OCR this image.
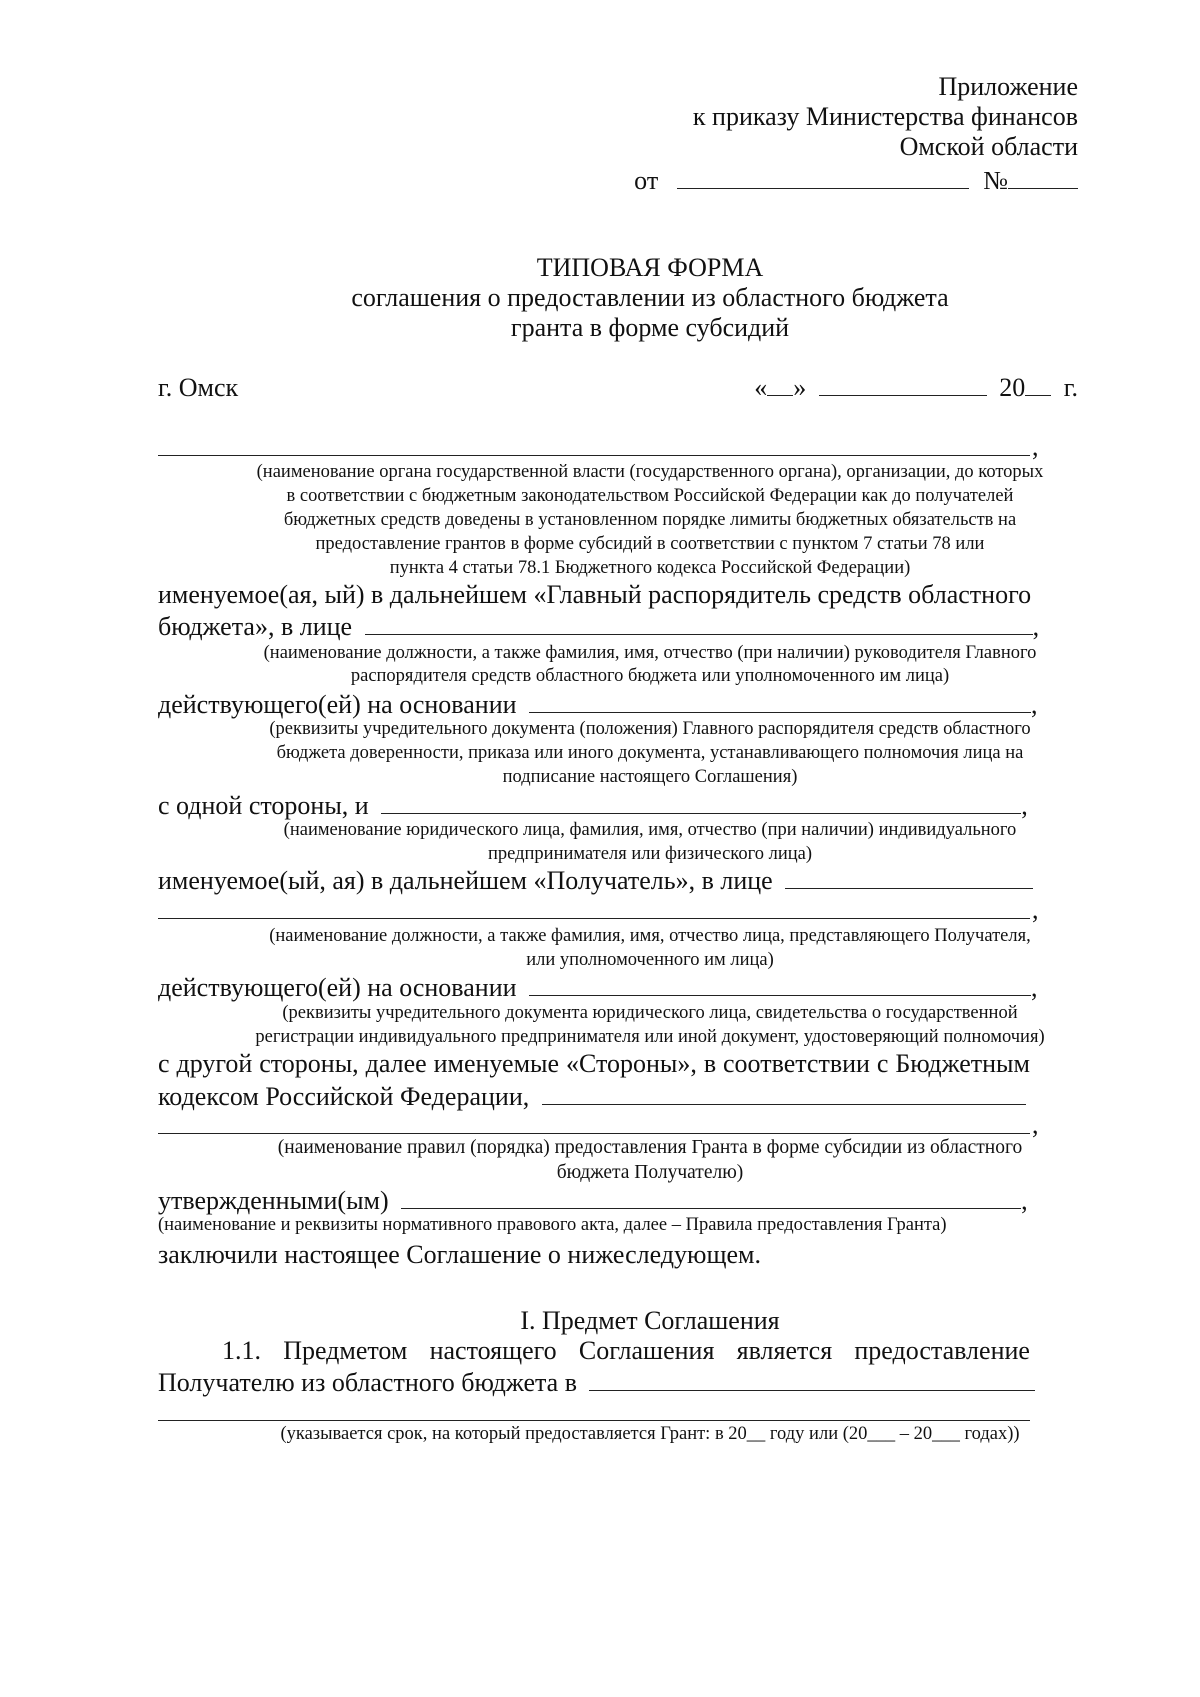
Приложение
к приказу Министерства финансов
Омской области
от	№
ТИПОВАЯ ФОРМА
соглашения о предоставлении из областного бюджета
гранта в форме субсидий
г. Омск	« »	20 г.
,
(наименование органа государственной власти (государственного органа), организации, до которых
в соответствии с бюджетным законодательством Российской Федерации как до получателей
бюджетных средств доведены в установленном порядке лимиты бюджетных обязательств на
предоставление грантов в форме субсидий в соответствии с пунктом 7 статьи 78 или
пункта 4 статьи 78.1 Бюджетного кодекса Российской Федерации)
именуемое(ая, ый) в дальнейшем «Главный распорядитель средств областного
бюджета», в лице	,
(наименование должности, а также фамилия, имя, отчество (при наличии) руководителя Главного
распорядителя средств областного бюджета или уполномоченного им лица)
действующего(ей) на основании	,
(реквизиты учредительного документа (положения) Главного распорядителя средств областного
бюджета доверенности, приказа или иного документа, устанавливающего полномочия лица на
подписание настоящего Соглашения)
с одной стороны, и	,
(наименование юридического лица, фамилия, имя, отчество (при наличии) индивидуального
предпринимателя или физического лица)
именуемое(ый, ая) в дальнейшем «Получатель», в лице
,
(наименование должности, а также фамилия, имя, отчество лица, представляющего Получателя,
или уполномоченного им лица)
действующего(ей) на основании	,
(реквизиты учредительного документа юридического лица, свидетельства о государственной
регистрации индивидуального предпринимателя или иной документ, удостоверяющий полномочия)
с другой стороны, далее именуемые «Стороны», в соответствии с Бюджетным
кодексом Российской Федерации,
,
(наименование правил (порядка) предоставления Гранта в форме субсидии из областного
бюджета Получателю)
утвержденными(ым)	,
(наименование и реквизиты нормативного правового акта, далее – Правила предоставления Гранта)
заключили настоящее Соглашение о нижеследующем.
I. Предмет Соглашения
1.1. Предметом настоящего Соглашения является предоставление
Получателю из областного бюджета в
(указывается срок, на который предоставляется Грант: в 20__ году или (20___ – 20___ годах))
